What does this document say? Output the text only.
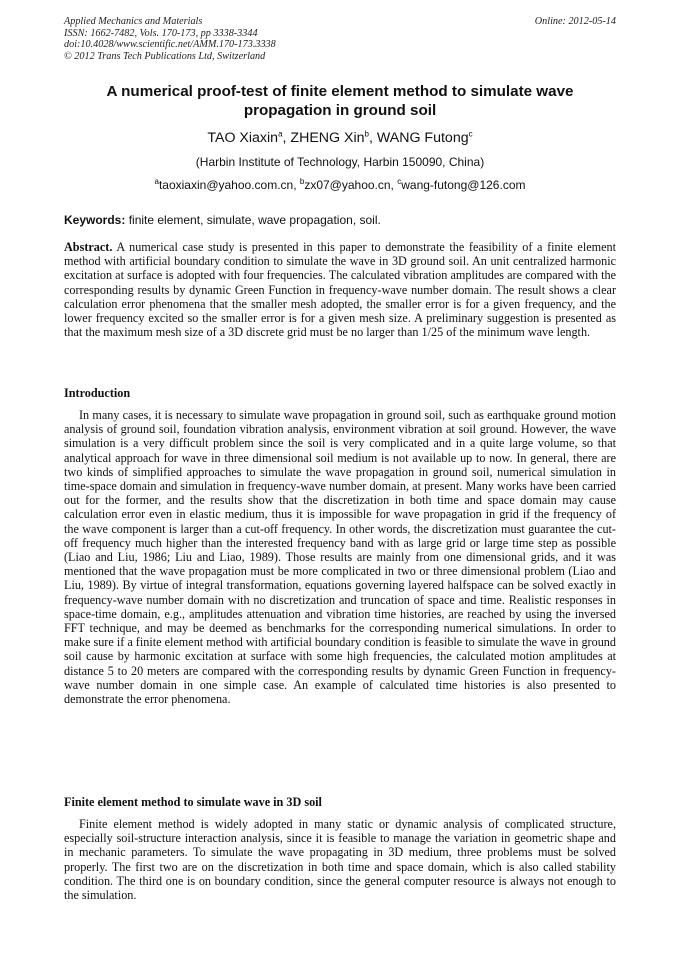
Applied Mechanics and Materials
ISSN: 1662-7482, Vols. 170-173, pp 3338-3344
doi:10.4028/www.scientific.net/AMM.170-173.3338
© 2012 Trans Tech Publications Ltd, Switzerland
Online: 2012-05-14
A numerical proof-test of finite element method to simulate wave propagation in ground soil
TAO Xiaxin$^a$, ZHENG Xin$^b$, WANG Futong$^c$
(Harbin Institute of Technology, Harbin 150090, China)
$^a$taoxiaxin@yahoo.com.cn, $^b$zx07@yahoo.cn, $^c$wang-futong@126.com
Keywords: finite element, simulate, wave propagation, soil.
Abstract. A numerical case study is presented in this paper to demonstrate the feasibility of a finite element method with artificial boundary condition to simulate the wave in 3D ground soil. An unit centralized harmonic excitation at surface is adopted with four frequencies. The calculated vibration amplitudes are compared with the corresponding results by dynamic Green Function in frequency-wave number domain. The result shows a clear calculation error phenomena that the smaller mesh adopted, the smaller error is for a given frequency, and the lower frequency excited so the smaller error is for a given mesh size. A preliminary suggestion is presented as that the maximum mesh size of a 3D discrete grid must be no larger than 1/25 of the minimum wave length.
Introduction
In many cases, it is necessary to simulate wave propagation in ground soil, such as earthquake ground motion analysis of ground soil, foundation vibration analysis, environment vibration at soil ground. However, the wave simulation is a very difficult problem since the soil is very complicated and in a quite large volume, so that analytical approach for wave in three dimensional soil medium is not available up to now. In general, there are two kinds of simplified approaches to simulate the wave propagation in ground soil, numerical simulation in time-space domain and simulation in frequency-wave number domain, at present. Many works have been carried out for the former, and the results show that the discretization in both time and space domain may cause calculation error even in elastic medium, thus it is impossible for wave propagation in grid if the frequency of the wave component is larger than a cut-off frequency. In other words, the discretization must guarantee the cut-off frequency much higher than the interested frequency band with as large grid or large time step as possible (Liao and Liu, 1986; Liu and Liao, 1989). Those results are mainly from one dimensional grids, and it was mentioned that the wave propagation must be more complicated in two or three dimensional problem (Liao and Liu, 1989). By virtue of integral transformation, equations governing layered halfspace can be solved exactly in frequency-wave number domain with no discretization and truncation of space and time. Realistic responses in space-time domain, e.g., amplitudes attenuation and vibration time histories, are reached by using the inversed FFT technique, and may be deemed as benchmarks for the corresponding numerical simulations. In order to make sure if a finite element method with artificial boundary condition is feasible to simulate the wave in ground soil cause by harmonic excitation at surface with some high frequencies, the calculated motion amplitudes at distance 5 to 20 meters are compared with the corresponding results by dynamic Green Function in frequency-wave number domain in one simple case. An example of calculated time histories is also presented to demonstrate the error phenomena.
Finite element method to simulate wave in 3D soil
Finite element method is widely adopted in many static or dynamic analysis of complicated structure, especially soil-structure interaction analysis, since it is feasible to manage the variation in geometric shape and in mechanic parameters. To simulate the wave propagating in 3D medium, three problems must be solved properly. The first two are on the discretization in both time and space domain, which is also called stability condition. The third one is on boundary condition, since the general computer resource is always not enough to the simulation.
